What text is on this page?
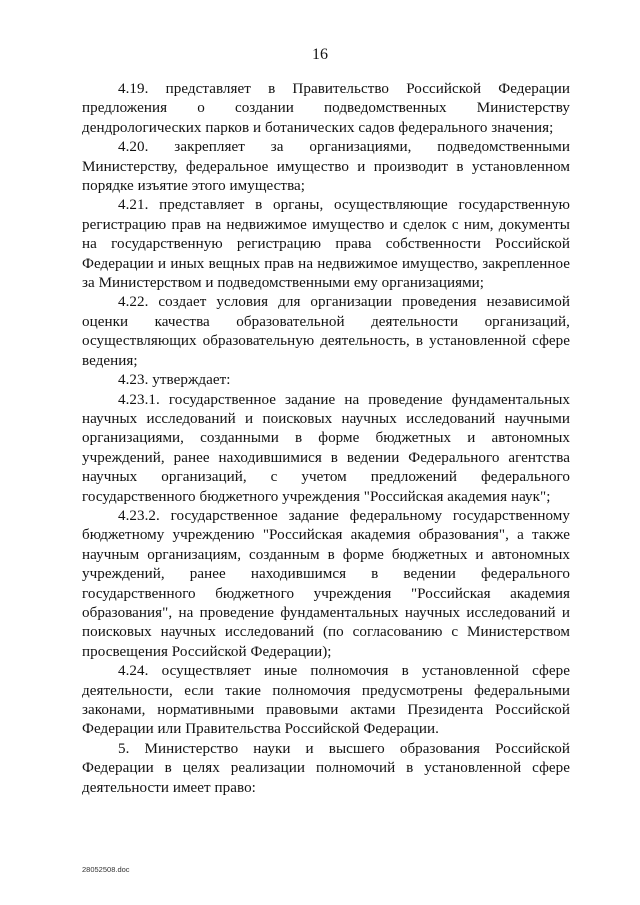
16

4.19. представляет в Правительство Российской Федерации предложения о создании подведомственных Министерству дендрологических парков и ботанических садов федерального значения;

4.20. закрепляет за организациями, подведомственными Министерству, федеральное имущество и производит в установленном порядке изъятие этого имущества;

4.21. представляет в органы, осуществляющие государственную регистрацию прав на недвижимое имущество и сделок с ним, документы на государственную регистрацию права собственности Российской Федерации и иных вещных прав на недвижимое имущество, закрепленное за Министерством и подведомственными ему организациями;

4.22. создает условия для организации проведения независимой оценки качества образовательной деятельности организаций, осуществляющих образовательную деятельность, в установленной сфере ведения;

4.23. утверждает:

4.23.1. государственное задание на проведение фундаментальных научных исследований и поисковых научных исследований научными организациями, созданными в форме бюджетных и автономных учреждений, ранее находившимися в ведении Федерального агентства научных организаций, с учетом предложений федерального государственного бюджетного учреждения "Российская академия наук";

4.23.2. государственное задание федеральному государственному бюджетному учреждению "Российская академия образования", а также научным организациям, созданным в форме бюджетных и автономных учреждений, ранее находившимся в ведении федерального государственного бюджетного учреждения "Российская академия образования", на проведение фундаментальных научных исследований и поисковых научных исследований (по согласованию с Министерством просвещения Российской Федерации);

4.24. осуществляет иные полномочия в установленной сфере деятельности, если такие полномочия предусмотрены федеральными законами, нормативными правовыми актами Президента Российской Федерации или Правительства Российской Федерации.

5. Министерство науки и высшего образования Российской Федерации в целях реализации полномочий в установленной сфере деятельности имеет право:

28052508.doc
